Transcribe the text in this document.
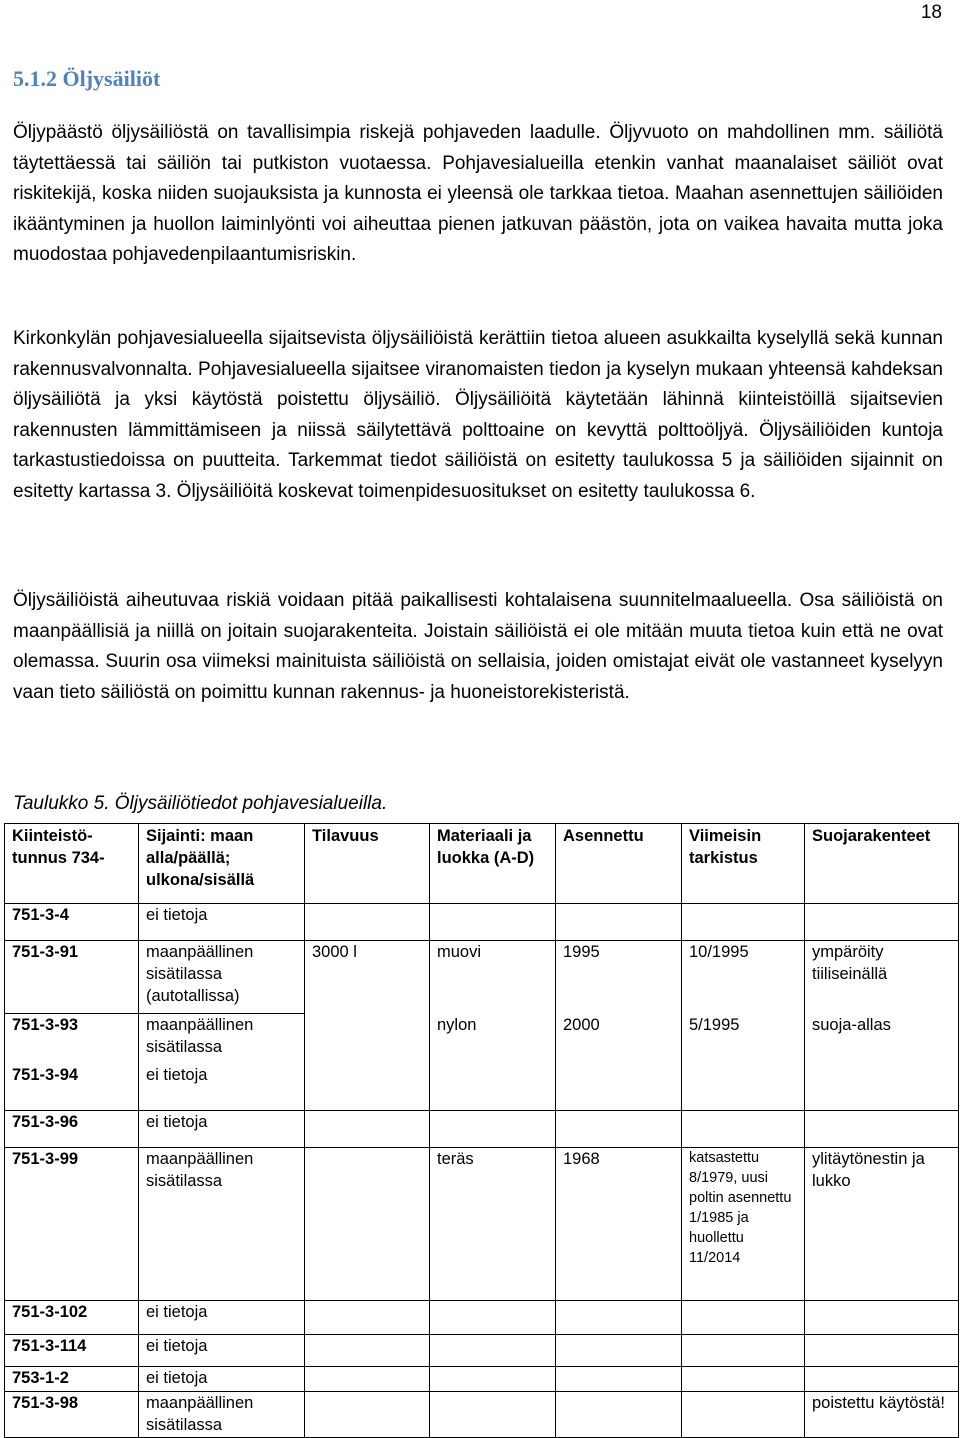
18
5.1.2 Öljysäiliöt

Öljypäästö öljysäiliöstä on tavallisimpia riskejä pohjaveden laadulle. Öljyvuoto on mahdollinen mm. säiliötä täytettäessä tai säiliön tai putkiston vuotaessa. Pohjavesialueilla etenkin vanhat maanalaiset säiliöt ovat riskitekijä, koska niiden suojauksista ja kunnosta ei yleensä ole tarkkaa tietoa. Maahan asennettujen säiliöiden ikääntyminen ja huollon laiminlyönti voi aiheuttaa pienen jatkuvan päästön, jota on vaikea havaita mutta joka muodostaa pohjavedenpilaantumisriskin.

Kirkonkylän pohjavesialueella sijaitsevista öljysäiliöistä kerättiin tietoa alueen asukkailta kyselyllä sekä kunnan rakennusvalvonnalta. Pohjavesialueella sijaitsee viranomaisten tiedon ja kyselyn mukaan yhteensä kahdeksan öljysäiliötä ja yksi käytöstä poistettu öljysäiliö. Öljysäiliöitä käytetään lähinnä kiinteistöillä sijaitsevien rakennusten lämmittämiseen ja niissä säilytettävä polttoaine on kevyttä polttoöljyä. Öljysäiliöiden kuntoja tarkastustiedoissa on puutteita. Tarkemmat tiedot säiliöistä on esitetty taulukossa 5 ja säiliöiden sijainnit on esitetty kartassa 3. Öljysäiliöitä koskevat toimenpidesuositukset on esitetty taulukossa 6.

Öljysäiliöistä aiheutuvaa riskiä voidaan pitää paikallisesti kohtalaisena suunnitelmaalueella. Osa säiliöistä on maanpäällisiä ja niillä on joitain suojarakenteita. Joistain säiliöistä ei ole mitään muuta tietoa kuin että ne ovat olemassa. Suurin osa viimeksi mainituista säiliöistä on sellaisia, joiden omistajat eivät ole vastanneet kyselyyn vaan tieto säiliöstä on poimittu kunnan rakennus- ja huoneistorekisteristä.

Taulukko 5. Öljysäiliötiedot pohjavesialueilla.

Kiinteistötunnus 734-	Sijainti: maan alla/päällä; ulkona/sisällä	Tilavuus	Materiaali ja luokka (A-D)	Asennettu	Viimeisin tarkistus	Suojarakenteet
751-3-4	ei tietoja					
751-3-91	maanpäällinen sisätilassa (autotallissa)	3000 l	muovi	1995	10/1995	ympäröity tiiliseinällä
751-3-93	maanpäällinen sisätilassa		nylon	2000	5/1995	suoja-allas
751-3-94	ei tietoja					
751-3-96	ei tietoja					
751-3-99	maanpäällinen sisätilassa		teräs	1968	katsastettu 8/1979, uusi poltin asennettu 1/1985 ja huollettu 11/2014	ylitäytönestin ja lukko
751-3-102	ei tietoja					
751-3-114	ei tietoja					
753-1-2	ei tietoja					
751-3-98	maanpäällinen sisätilassa					poistettu käytöstä!
